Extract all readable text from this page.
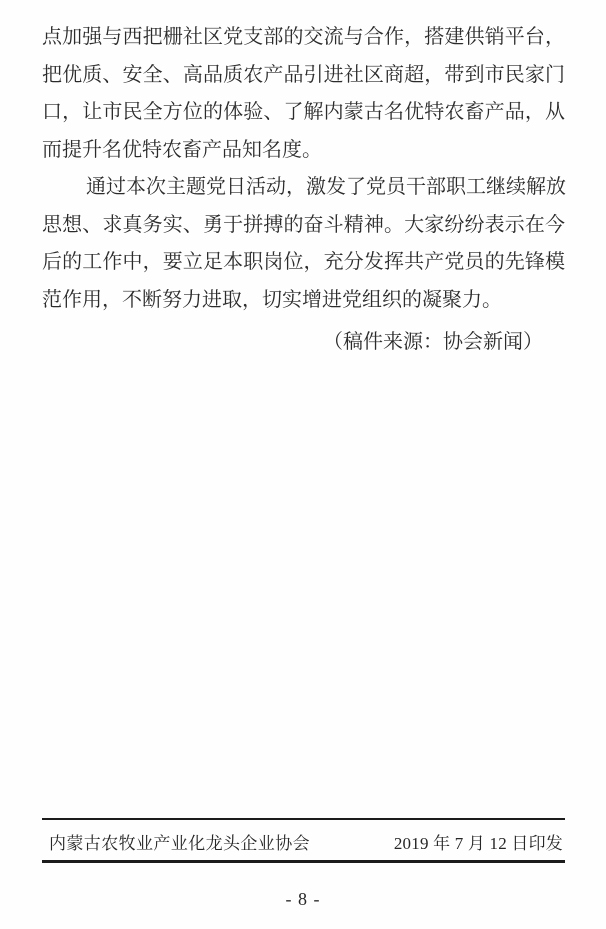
点加强与西把栅社区党支部的交流与合作，搭建供销平台，
把优质、安全、高品质农产品引进社区商超，带到市民家门
口，让市民全方位的体验、了解内蒙古名优特农畜产品，从
而提升名优特农畜产品知名度。
通过本次主题党日活动，激发了党员干部职工继续解放
思想、求真务实、勇于拼搏的奋斗精神。大家纷纷表示在今
后的工作中，要立足本职岗位，充分发挥共产党员的先锋模
范作用，不断努力进取，切实增进党组织的凝聚力。
（稿件来源：协会新闻）
内蒙古农牧业产业化龙头企业协会	2019 年 7 月 12 日印发
- 8 -
